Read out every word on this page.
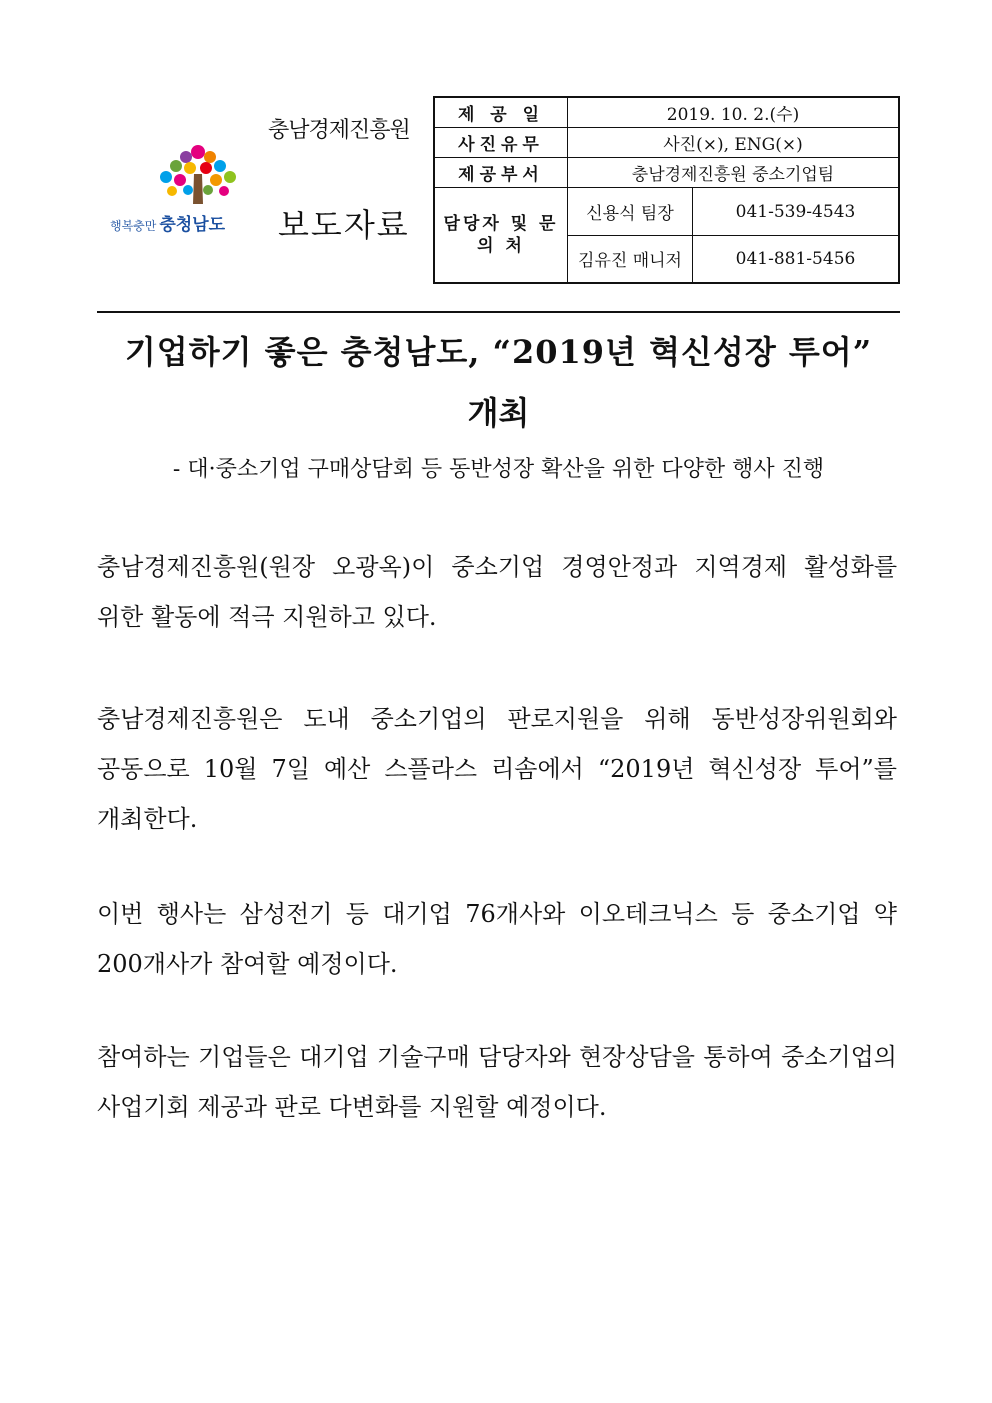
행복충만 충청남도
충남경제진흥원
보도자료
제 공 일	2019. 10. 2.(수)	
사진유무	사진(×), ENG(×)	
제공부서	충남경제진흥원 중소기업팀	
담당자 및 문 의 처	신용식 팀장	041-539-4543
	김유진 매니저	041-881-5456
기업하기 좋은 충청남도, “2019년 혁신성장 투어”
개최
- 대·중소기업 구매상담회 등 동반성장 확산을 위한 다양한 행사 진행
충남경제진흥원(원장 오광옥)이 중소기업 경영안정과 지역경제 활성화를 위한 활동에 적극 지원하고 있다.
충남경제진흥원은 도내 중소기업의 판로지원을 위해 동반성장위원회와 공동으로 10월 7일 예산 스플라스 리솜에서 “2019년 혁신성장 투어”를 개최한다.
이번 행사는 삼성전기 등 대기업 76개사와 이오테크닉스 등 중소기업 약 200개사가 참여할 예정이다.
참여하는 기업들은 대기업 기술구매 담당자와 현장상담을 통하여 중소기업의 사업기회 제공과 판로 다변화를 지원할 예정이다.
